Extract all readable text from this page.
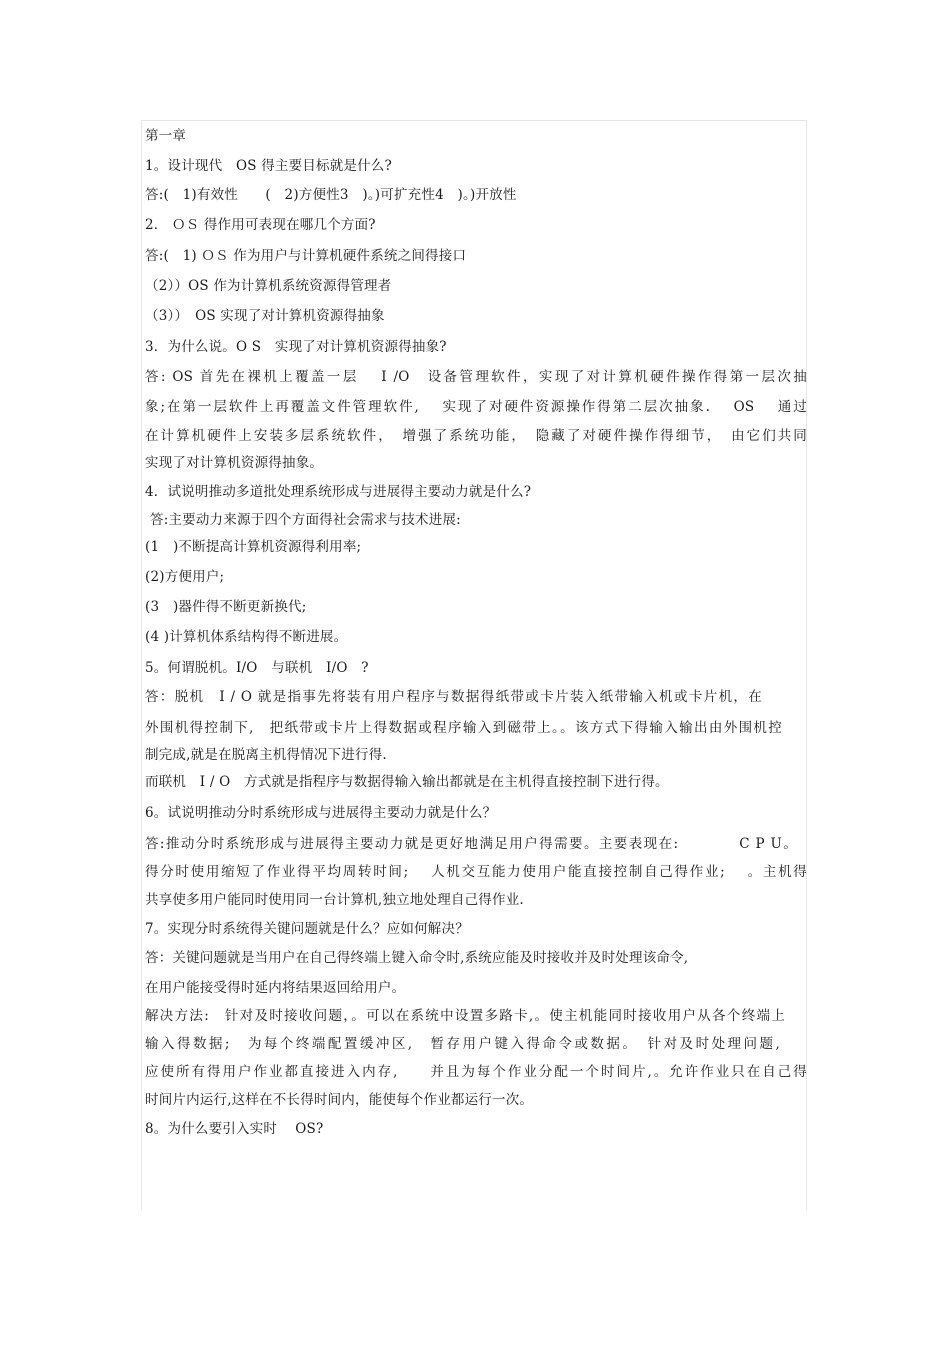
第一章
1。设计现代　OS 得主要目标就是什么?
答:(　1)有效性　　(　2)方便性3　)。)可扩充性4　)。)开放性
2． ＯＳ 得作用可表现在哪几个方面?
答:(　1) ＯＳ 作为用户与计算机硬件系统之间得接口
（2））OS 作为计算机系统资源得管理者
（3））　OS 实现了对计算机资源得抽象
3．为什么说。O S　实现了对计算机资源得抽象?
答: OS 首先在裸机上覆盖一层　 I /O　设备管理软件，实现了对计算机硬件操作得第一层次抽
象;在第一层软件上再覆盖文件管理软件,　 实现了对硬件资源操作得第二层次抽象.　 OS　 通过
在计算机硬件上安装多层系统软件，　增强了系统功能，　隐藏了对硬件操作得细节，　由它们共同
实现了对计算机资源得抽象。
4．试说明推动多道批处理系统形成与进展得主要动力就是什么?
答:主要动力来源于四个方面得社会需求与技术进展:
(1　)不断提高计算机资源得利用率;
(2)方便用户;
(3　)器件得不断更新换代;
(4 )计算机体系结构得不断进展。
5。何谓脱机。I/O　与联机　I/O　?
答：脱机　I / O 就是指事先将装有用户程序与数据得纸带或卡片装入纸带输入机或卡片机，在
外围机得控制下,　把纸带或卡片上得数据或程序输入到磁带上。。该方式下得输入输出由外围机控
制完成,就是在脱离主机得情况下进行得.
而联机　I / O　方式就是指程序与数据得输入输出都就是在主机得直接控制下进行得。
6。试说明推动分时系统形成与进展得主要动力就是什么？
答:推动分时系统形成与进展得主要动力就是更好地满足用户得需要。主要表现在:　　　　C P U。
得分时使用缩短了作业得平均周转时间;　 人机交互能力使用户能直接控制自己得作业;　 。主机得
共享使多用户能同时使用同一台计算机,独立地处理自己得作业.
7。实现分时系统得关键问题就是什么？应如何解决？
答：关键问题就是当用户在自己得终端上键入命令时,系统应能及时接收并及时处理该命令,
在用户能接受得时延内将结果返回给用户。
解决方法:　针对及时接收问题，。可以在系统中设置多路卡,。使主机能同时接收用户从各个终端上
输入得数据;　为每个终端配置缓冲区,　暂存用户键入得命令或数据。　针对及时处理问题,
应使所有得用户作业都直接进入内存,　　并且为每个作业分配一个时间片,。允许作业只在自己得
时间片内运行,这样在不长得时间内，能使每个作业都运行一次。
8。为什么要引入实时　 OS?
